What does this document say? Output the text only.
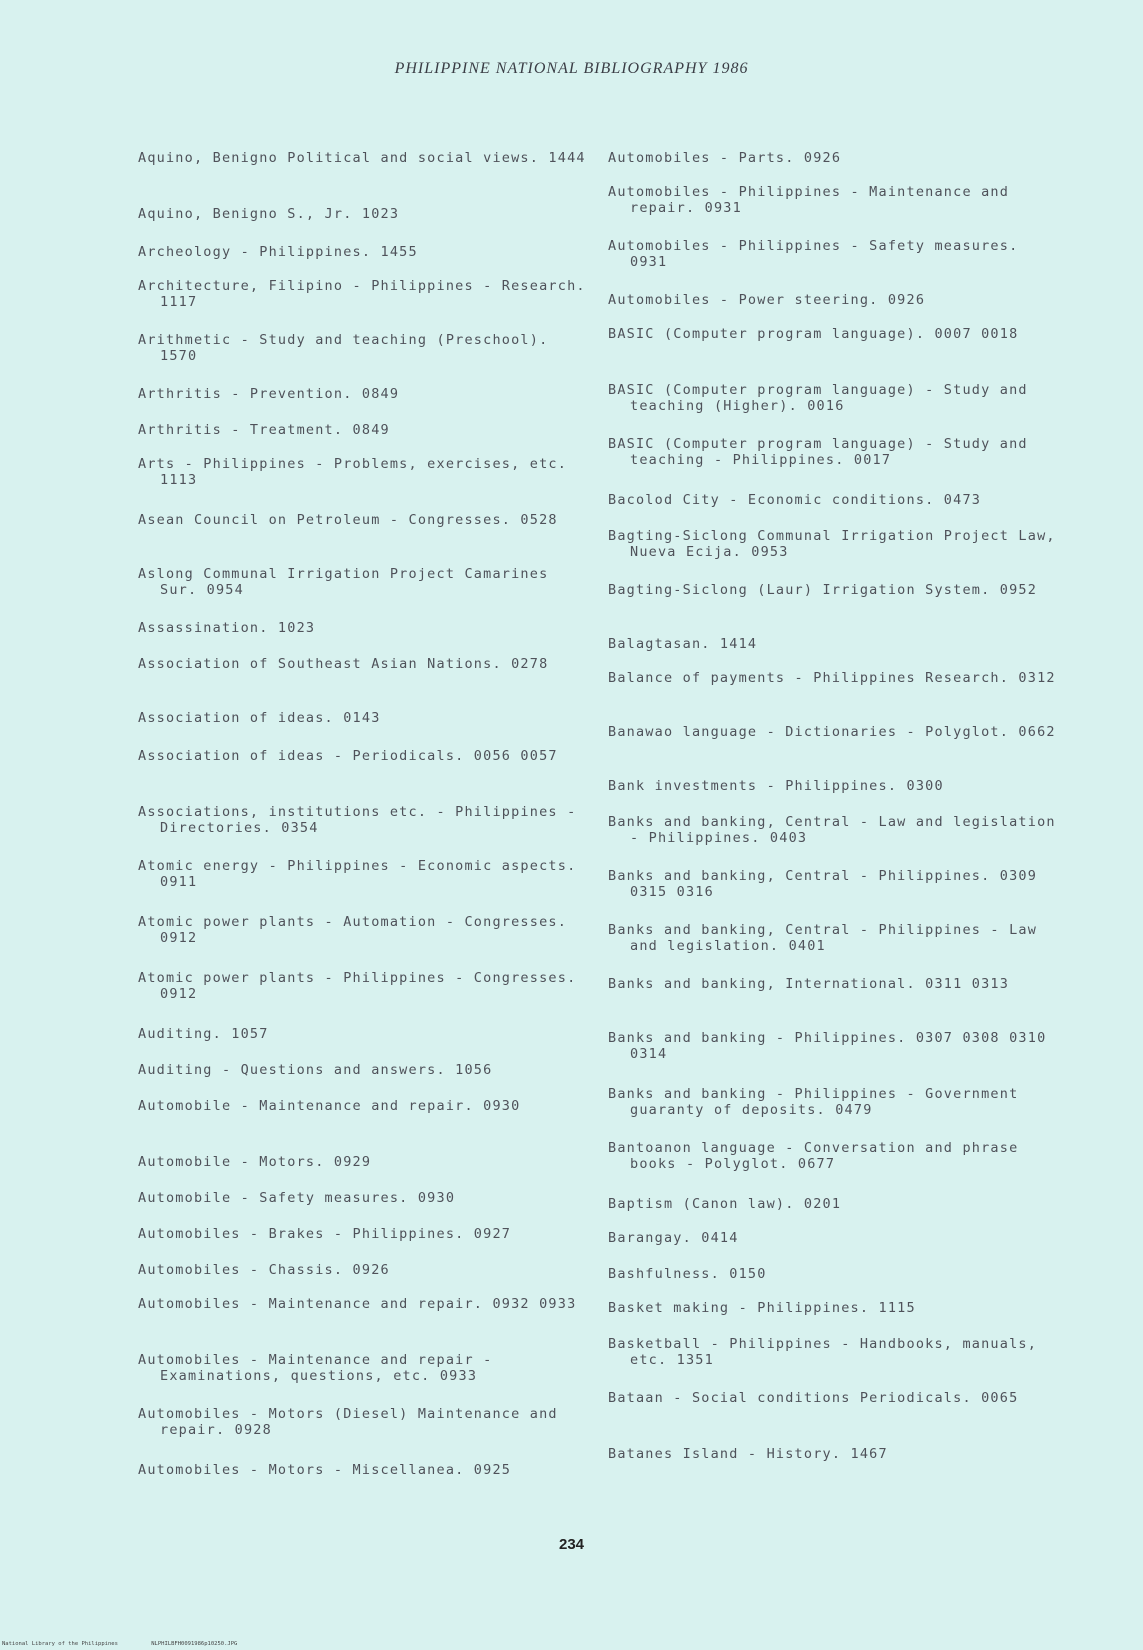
PHILIPPINE NATIONAL BIBLIOGRAPHY 1986
Aquino, Benigno Political and social views. 1444
Aquino, Benigno S., Jr. 1023
Archeology - Philippines. 1455
Architecture, Filipino - Philippines - Research. 1117
Arithmetic - Study and teaching (Preschool). 1570
Arthritis - Prevention. 0849
Arthritis - Treatment. 0849
Arts - Philippines - Problems, exercises, etc. 1113
Asean Council on Petroleum - Congresses. 0528
Aslong Communal Irrigation Project Camarines Sur. 0954
Assassination. 1023
Association of Southeast Asian Nations. 0278
Association of ideas. 0143
Association of ideas - Periodicals. 0056 0057
Associations, institutions etc. - Philippines - Directories. 0354
Atomic energy - Philippines - Economic aspects. 0911
Atomic power plants - Automation - Congresses. 0912
Atomic power plants - Philippines - Congresses. 0912
Auditing. 1057
Auditing - Questions and answers. 1056
Automobile - Maintenance and repair. 0930
Automobile - Motors. 0929
Automobile - Safety measures. 0930
Automobiles - Brakes - Philippines. 0927
Automobiles - Chassis. 0926
Automobiles - Maintenance and repair. 0932 0933
Automobiles - Maintenance and repair - Examinations, questions, etc. 0933
Automobiles - Motors (Diesel) Maintenance and repair. 0928
Automobiles - Motors - Miscellanea. 0925
Automobiles - Parts. 0926
Automobiles - Philippines - Maintenance and repair. 0931
Automobiles - Philippines - Safety measures. 0931
Automobiles - Power steering. 0926
BASIC (Computer program language). 0007 0018
BASIC (Computer program language) - Study and teaching (Higher). 0016
BASIC (Computer program language) - Study and teaching - Philippines. 0017
Bacolod City - Economic conditions. 0473
Bagting-Siclong Communal Irrigation Project Law, Nueva Ecija. 0953
Bagting-Siclong (Laur) Irrigation System. 0952
Balagtasan. 1414
Balance of payments - Philippines Research. 0312
Banawao language - Dictionaries - Polyglot. 0662
Bank investments - Philippines. 0300
Banks and banking, Central - Law and legislation - Philippines. 0403
Banks and banking, Central - Philippines. 0309 0315 0316
Banks and banking, Central - Philippines - Law and legislation. 0401
Banks and banking, International. 0311 0313
Banks and banking - Philippines. 0307 0308 0310 0314
Banks and banking - Philippines - Government guaranty of deposits. 0479
Bantoanon language - Conversation and phrase books - Polyglot. 0677
Baptism (Canon law). 0201
Barangay. 0414
Bashfulness. 0150
Basket making - Philippines. 1115
Basketball - Philippines - Handbooks, manuals, etc. 1351
Bataan - Social conditions Periodicals. 0065
Batanes Island - History. 1467
234
National Library of the Philippines	NLPHILBFH0091986p10250.JPG
